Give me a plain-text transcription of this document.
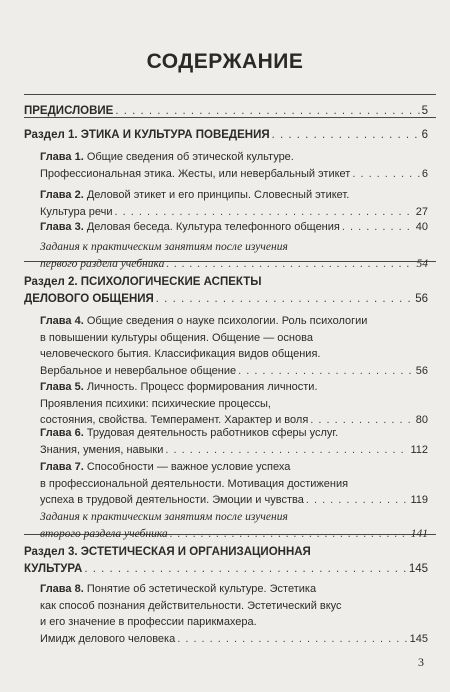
СОДЕРЖАНИЕ
ПРЕДИСЛОВИЕ . . .	5
Раздел 1. ЭТИКА И КУЛЬТУРА ПОВЕДЕНИЯ . . .	6
Глава 1. Общие сведения об этической культуре.
Профессиональная этика. Жесты, или невербальный этикет . . .	6
Глава 2. Деловой этикет и его принципы. Словесный этикет.
Культура речи . . .	27
Глава 3. Деловая беседа. Культура телефонного общения . . .	40
Задания к практическим занятиям после изучения
первого раздела учебника . . .	54
Раздел 2. ПСИХОЛОГИЧЕСКИЕ АСПЕКТЫ
ДЕЛОВОГО ОБЩЕНИЯ . . .	56
Глава 4. Общие сведения о науке психологии. Роль психологии
в повышении культуры общения. Общение — основа
человеческого бытия. Классификация видов общения.
Вербальное и невербальное общение . . .	56
Глава 5. Личность. Процесс формирования личности.
Проявления психики: психические процессы,
состояния, свойства. Темперамент. Характер и воля . . .	80
Глава 6. Трудовая деятельность работников сферы услуг.
Знания, умения, навыки . . .	112
Глава 7. Способности — важное условие успеха
в профессиональной деятельности. Мотивация достижения
успеха в трудовой деятельности. Эмоции и чувства . . .	119
Задания к практическим занятиям после изучения
второго раздела учебника . . .	141
Раздел 3. ЭСТЕТИЧЕСКАЯ И ОРГАНИЗАЦИОННАЯ
КУЛЬТУРА . . .	145
Глава 8. Понятие об эстетической культуре. Эстетика
как способ познания действительности. Эстетический вкус
и его значение в профессии парикмахера.
Имидж делового человека . . .	145
3
